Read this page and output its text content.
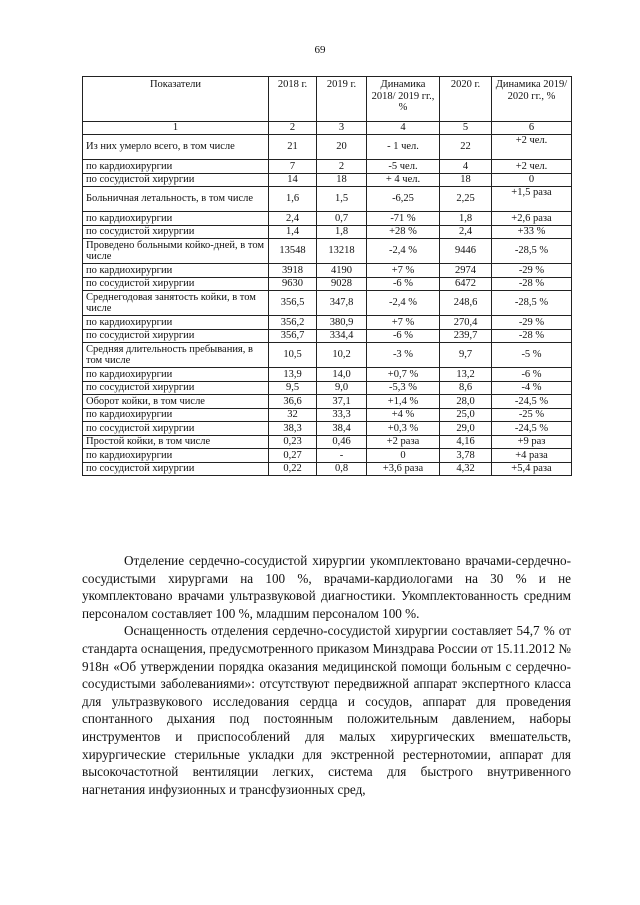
69
Показатели	2018 г.	2019 г.	Динамика 2018/ 2019 гг., %	2020 г.	Динамика 2019/ 2020 гг., %
1	2	3	4	5	6
Из них умерло всего, в том числе	21	20	- 1 чел.	22	+2 чел.
по кардиохирургии	7	2	-5 чел.	4	+2 чел.
по сосудистой хирургии	14	18	+ 4 чел.	18	0
Больничная летальность, в том числе	1,6	1,5	-6,25	2,25	+1,5 раза
по кардиохирургии	2,4	0,7	-71 %	1,8	+2,6 раза
по сосудистой хирургии	1,4	1,8	+28 %	2,4	+33 %
Проведено больными койко-дней, в том числе	13548	13218	-2,4 %	9446	-28,5 %
по кардиохирургии	3918	4190	+7 %	2974	-29 %
по сосудистой хирургии	9630	9028	-6 %	6472	-28 %
Среднегодовая занятость койки, в том числе	356,5	347,8	-2,4 %	248,6	-28,5 %
по кардиохирургии	356,2	380,9	+7 %	270,4	-29 %
по сосудистой хирургии	356,7	334,4	-6 %	239,7	-28 %
Средняя длительность пребывания, в том числе	10,5	10,2	-3 %	9,7	-5 %
по кардиохирургии	13,9	14,0	+0,7 %	13,2	-6 %
по сосудистой хирургии	9,5	9,0	-5,3 %	8,6	-4 %
Оборот койки, в том числе	36,6	37,1	+1,4 %	28,0	-24,5 %
по кардиохирургии	32	33,3	+4 %	25,0	-25 %
по сосудистой хирургии	38,3	38,4	+0,3 %	29,0	-24,5 %
Простой койки, в том числе	0,23	0,46	+2 раза	4,16	+9 раз
по кардиохирургии	0,27	-	0	3,78	+4 раза
по сосудистой хирургии	0,22	0,8	+3,6 раза	4,32	+5,4 раза

Отделение сердечно-сосудистой хирургии укомплектовано врачами-сердечно-сосудистыми хирургами на 100 %, врачами-кардиологами на 30 % и не укомплектовано врачами ультразвуковой диагностики. Укомплектованность средним персоналом составляет 100 %, младшим персоналом 100 %.

Оснащенность отделения сердечно-сосудистой хирургии составляет 54,7 % от стандарта оснащения, предусмотренного приказом Минздрава России от 15.11.2012 № 918н «Об утверждении порядка оказания медицинской помощи больным с сердечно-сосудистыми заболеваниями»: отсутствуют передвижной аппарат экспертного класса для ультразвукового исследования сердца и сосудов, аппарат для проведения спонтанного дыхания под постоянным положительным давлением, наборы инструментов и приспособлений для малых хирургических вмешательств, хирургические стерильные укладки для экстренной рестернотомии, аппарат для высокочастотной вентиляции легких, система для быстрого внутривенного нагнетания инфузионных и трансфузионных сред,
